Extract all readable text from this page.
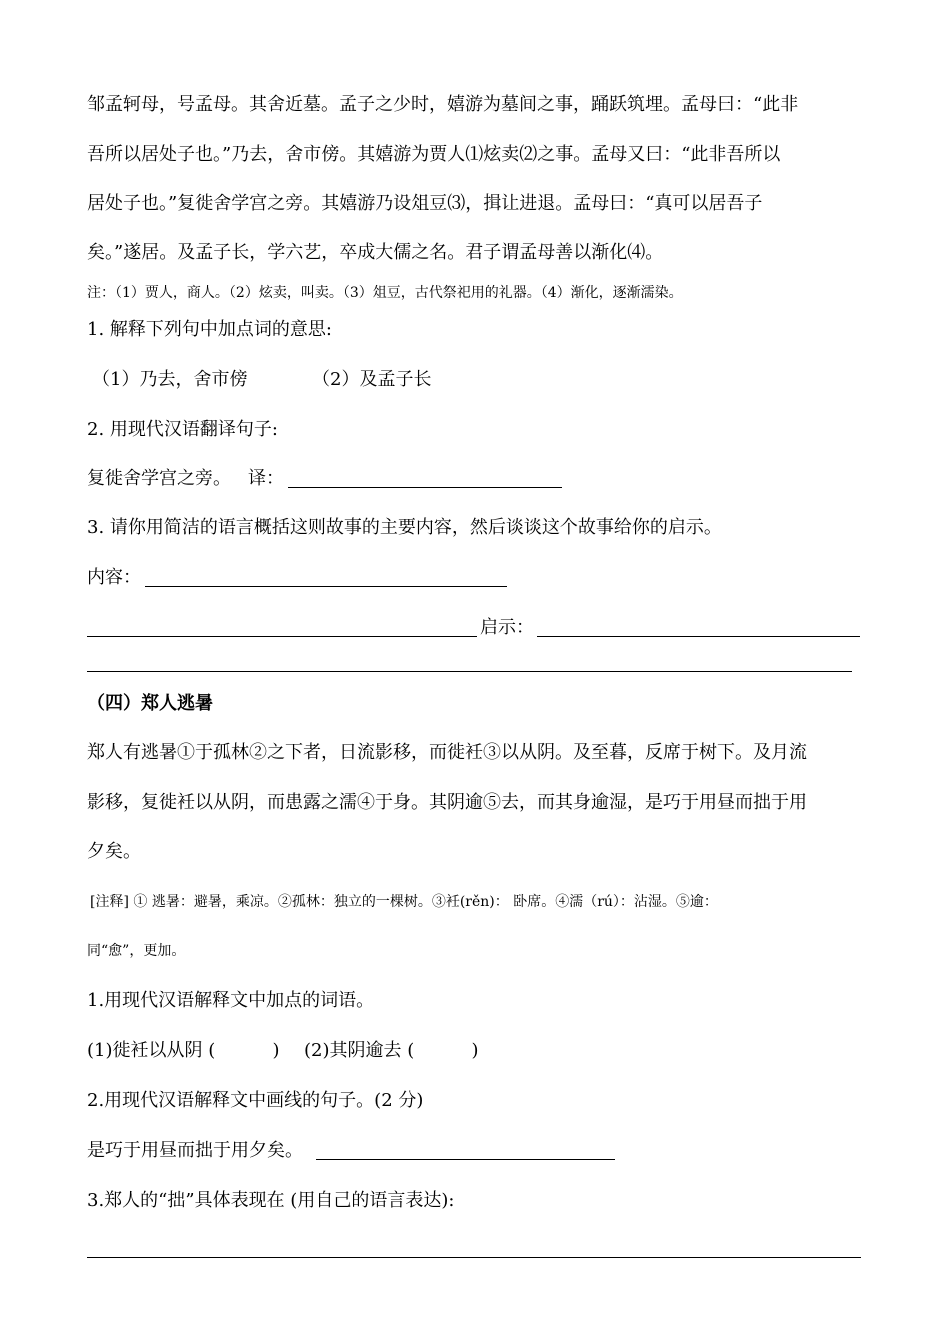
邹孟轲母，号孟母。其舍近墓。孟子之少时，嬉游为墓间之事，踊跃筑埋。孟母曰：“此非
吾所以居处子也。”乃去，舍市傍。其嬉游为贾人⑴炫卖⑵之事。孟母又曰：“此非吾所以
居处子也。”复徙舍学宫之旁。其嬉游乃设俎豆⑶，揖让进退。孟母曰：“真可以居吾子
矣。”遂居。及孟子长，学六艺，卒成大儒之名。君子谓孟母善以渐化⑷。
注：（1）贾人，商人。（2）炫卖，叫卖。（3）俎豆，古代祭祀用的礼器。（4）渐化，逐渐濡染。
1. 解释下列句中加点词的意思:
（1）乃去，舍市傍	（2）及孟子长
2. 用现代汉语翻译句子:
复徙舍学宫之旁。 译：
3. 请你用简洁的语言概括这则故事的主要内容，然后谈谈这个故事给你的启示。
内容：
启示：
（四）郑人逃暑
郑人有逃暑①于孤林②之下者，日流影移，而徙衽③以从阴。及至暮，反席于树下。及月流
影移，复徙衽以从阴，而患露之濡④于身。其阴逾⑤去，而其身逾湿，是巧于用昼而拙于用
夕矣。
[注释] ① 逃暑：避暑，乘凉。②孤林：独立的一棵树。③衽(rěn)： 卧席。④濡（rú）：沾湿。⑤逾：
同“愈”，更加。
1.用现代汉语解释文中加点的词语。
(1)徙衽以从阴 (          ) (2)其阴逾去 (          )
2.用现代汉语解释文中画线的句子。(2 分)
是巧于用昼而拙于用夕矣。
3.郑人的“拙”具体表现在 (用自己的语言表达):
